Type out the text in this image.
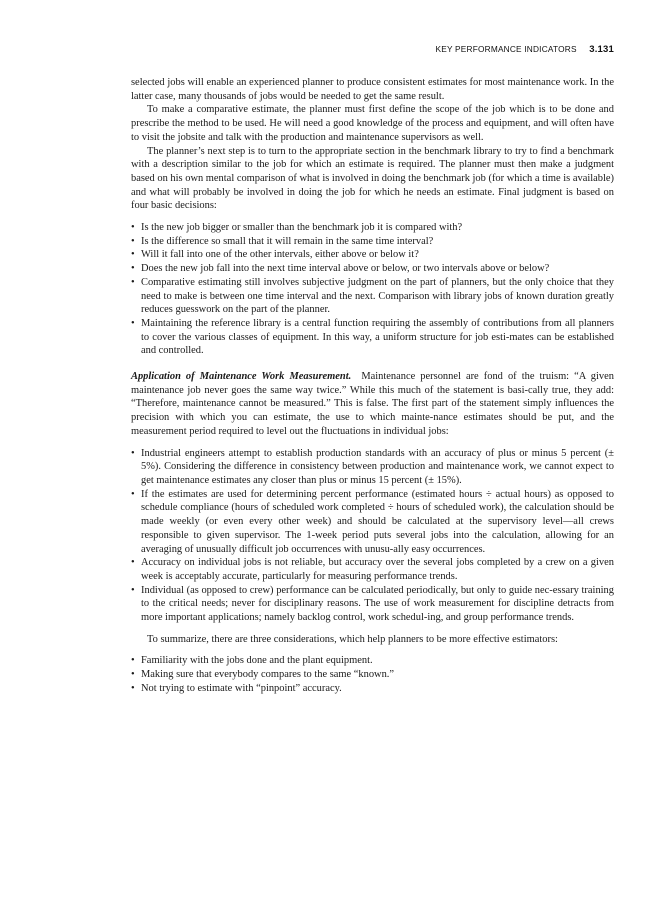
KEY PERFORMANCE INDICATORS 3.131

selected jobs will enable an experienced planner to produce consistent estimates for most maintenance work. In the latter case, many thousands of jobs would be needed to get the same result.

To make a comparative estimate, the planner must first define the scope of the job which is to be done and prescribe the method to be used. He will need a good knowledge of the process and equipment, and will often have to visit the jobsite and talk with the production and maintenance supervisors as well.

The planner’s next step is to turn to the appropriate section in the benchmark library to try to find a benchmark with a description similar to the job for which an estimate is required. The planner must then make a judgment based on his own mental comparison of what is involved in doing the benchmark job (for which a time is available) and what will probably be involved in doing the job for which he needs an estimate. Final judgment is based on four basic decisions:

• Is the new job bigger or smaller than the benchmark job it is compared with?
• Is the difference so small that it will remain in the same time interval?
• Will it fall into one of the other intervals, either above or below it?
• Does the new job fall into the next time interval above or below, or two intervals above or below?
• Comparative estimating still involves subjective judgment on the part of planners, but the only choice that they need to make is between one time interval and the next. Comparison with library jobs of known duration greatly reduces guesswork on the part of the planner.
• Maintaining the reference library is a central function requiring the assembly of contributions from all planners to cover the various classes of equipment. In this way, a uniform structure for job esti-mates can be established and controlled.

Application of Maintenance Work Measurement. Maintenance personnel are fond of the truism: “A given maintenance job never goes the same way twice.” While this much of the statement is basi-cally true, they add: “Therefore, maintenance cannot be measured.” This is false. The first part of the statement simply influences the precision with which you can estimate, the use to which mainte-nance estimates should be put, and the measurement period required to level out the fluctuations in individual jobs:

• Industrial engineers attempt to establish production standards with an accuracy of plus or minus 5 percent (± 5%). Considering the difference in consistency between production and maintenance work, we cannot expect to get maintenance estimates any closer than plus or minus 15 percent (± 15%).
• If the estimates are used for determining percent performance (estimated hours ÷ actual hours) as opposed to schedule compliance (hours of scheduled work completed ÷ hours of scheduled work), the calculation should be made weekly (or even every other week) and should be calculated at the supervisory level—all crews responsible to given supervisor. The 1-week period puts several jobs into the calculation, allowing for an averaging of unusually difficult job occurrences with unusu-ally easy occurrences.
• Accuracy on individual jobs is not reliable, but accuracy over the several jobs completed by a crew on a given week is acceptably accurate, particularly for measuring performance trends.
• Individual (as opposed to crew) performance can be calculated periodically, but only to guide nec-essary training to the critical needs; never for disciplinary reasons. The use of work measurement for discipline detracts from more important applications; namely backlog control, work schedul-ing, and group performance trends.

To summarize, there are three considerations, which help planners to be more effective estimators:

• Familiarity with the jobs done and the plant equipment.
• Making sure that everybody compares to the same “known.”
• Not trying to estimate with “pinpoint” accuracy.
